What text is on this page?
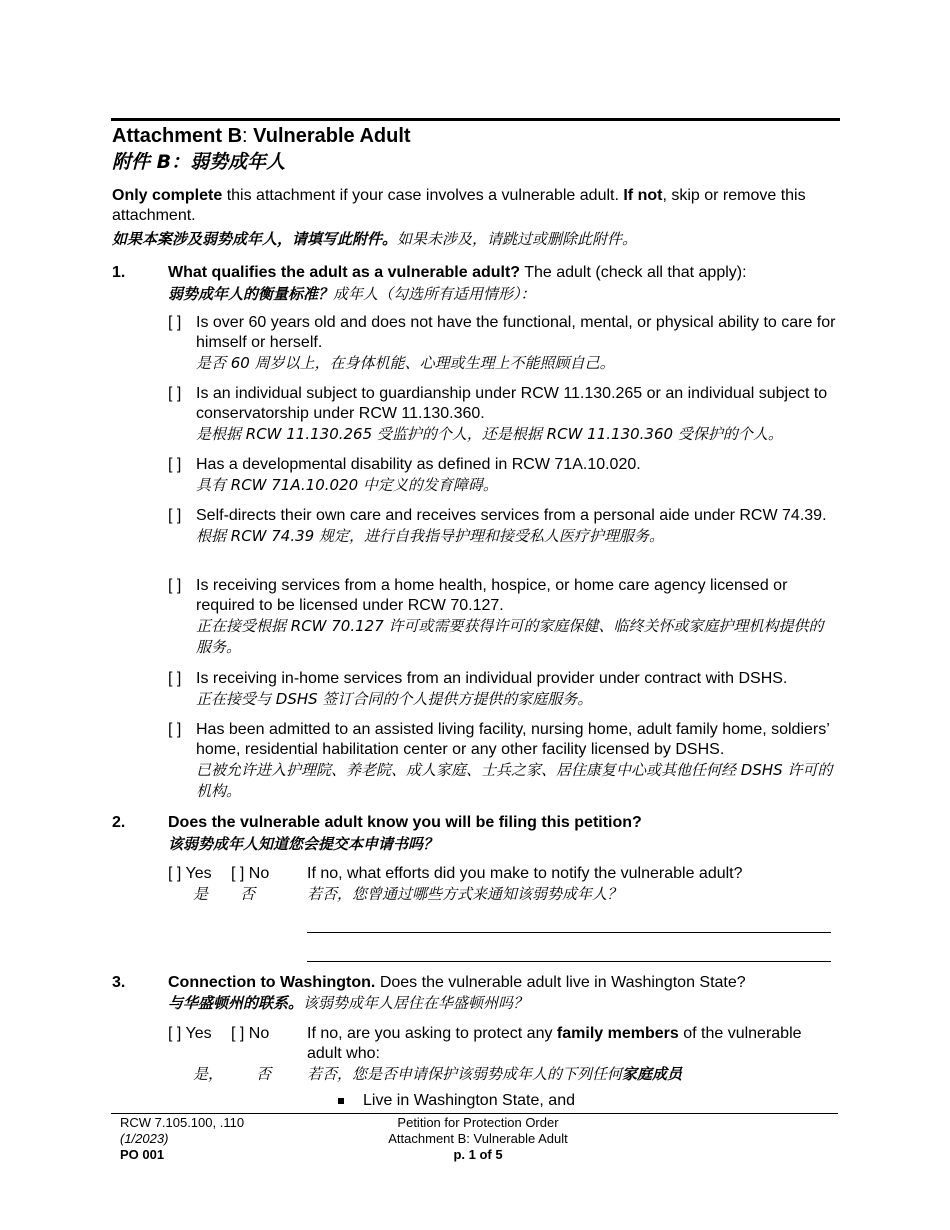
Attachment B: Vulnerable Adult
附件 B：弱势成年人
Only complete this attachment if your case involves a vulnerable adult. If not, skip or remove this attachment.
如果本案涉及弱势成年人，请填写此附件。如果未涉及，请跳过或删除此附件。
1.	What qualifies the adult as a vulnerable adult? The adult (check all that apply):
弱势成年人的衡量标准？成年人（勾选所有适用情形）：
[ ] Is over 60 years old and does not have the functional, mental, or physical ability to care for himself or herself.
是否 60 周岁以上，在身体机能、心理或生理上不能照顾自己。
[ ] Is an individual subject to guardianship under RCW 11.130.265 or an individual subject to conservatorship under RCW 11.130.360.
是根据 RCW 11.130.265 受监护的个人，还是根据 RCW 11.130.360 受保护的个人。
[ ] Has a developmental disability as defined in RCW 71A.10.020.
具有 RCW 71A.10.020 中定义的发育障碍。
[ ] Self-directs their own care and receives services from a personal aide under RCW 74.39.
根据 RCW 74.39 规定，进行自我指导护理和接受私人医疗护理服务。
[ ] Is receiving services from a home health, hospice, or home care agency licensed or required to be licensed under RCW 70.127.
正在接受根据 RCW 70.127 许可或需要获得许可的家庭保健、临终关怀或家庭护理机构提供的服务。
[ ] Is receiving in-home services from an individual provider under contract with DSHS.
正在接受与 DSHS 签订合同的个人提供方提供的家庭服务。
[ ] Has been admitted to an assisted living facility, nursing home, adult family home, soldiers’ home, residential habilitation center or any other facility licensed by DSHS.
已被允许进入护理院、养老院、成人家庭、士兵之家、居住康复中心或其他任何经 DSHS 许可的机构。
2.	Does the vulnerable adult know you will be filing this petition?
该弱势成年人知道您会提交本申请书吗？
[ ] Yes [ ] No
是 否
If no, what efforts did you make to notify the vulnerable adult?
若否，您曾通过哪些方式来通知该弱势成年人？
3.	Connection to Washington. Does the vulnerable adult live in Washington State?
与华盛顿州的联系。该弱势成年人居住在华盛顿州吗？
[ ] Yes [ ] No
是， 否
If no, are you asking to protect any family members of the vulnerable adult who:
若否，您是否申请保护该弱势成年人的下列任何家庭成员
Live in Washington State, and
RCW 7.105.100, .110
(1/2023)
PO 001
Petition for Protection Order
Attachment B: Vulnerable Adult
p. 1 of 5
